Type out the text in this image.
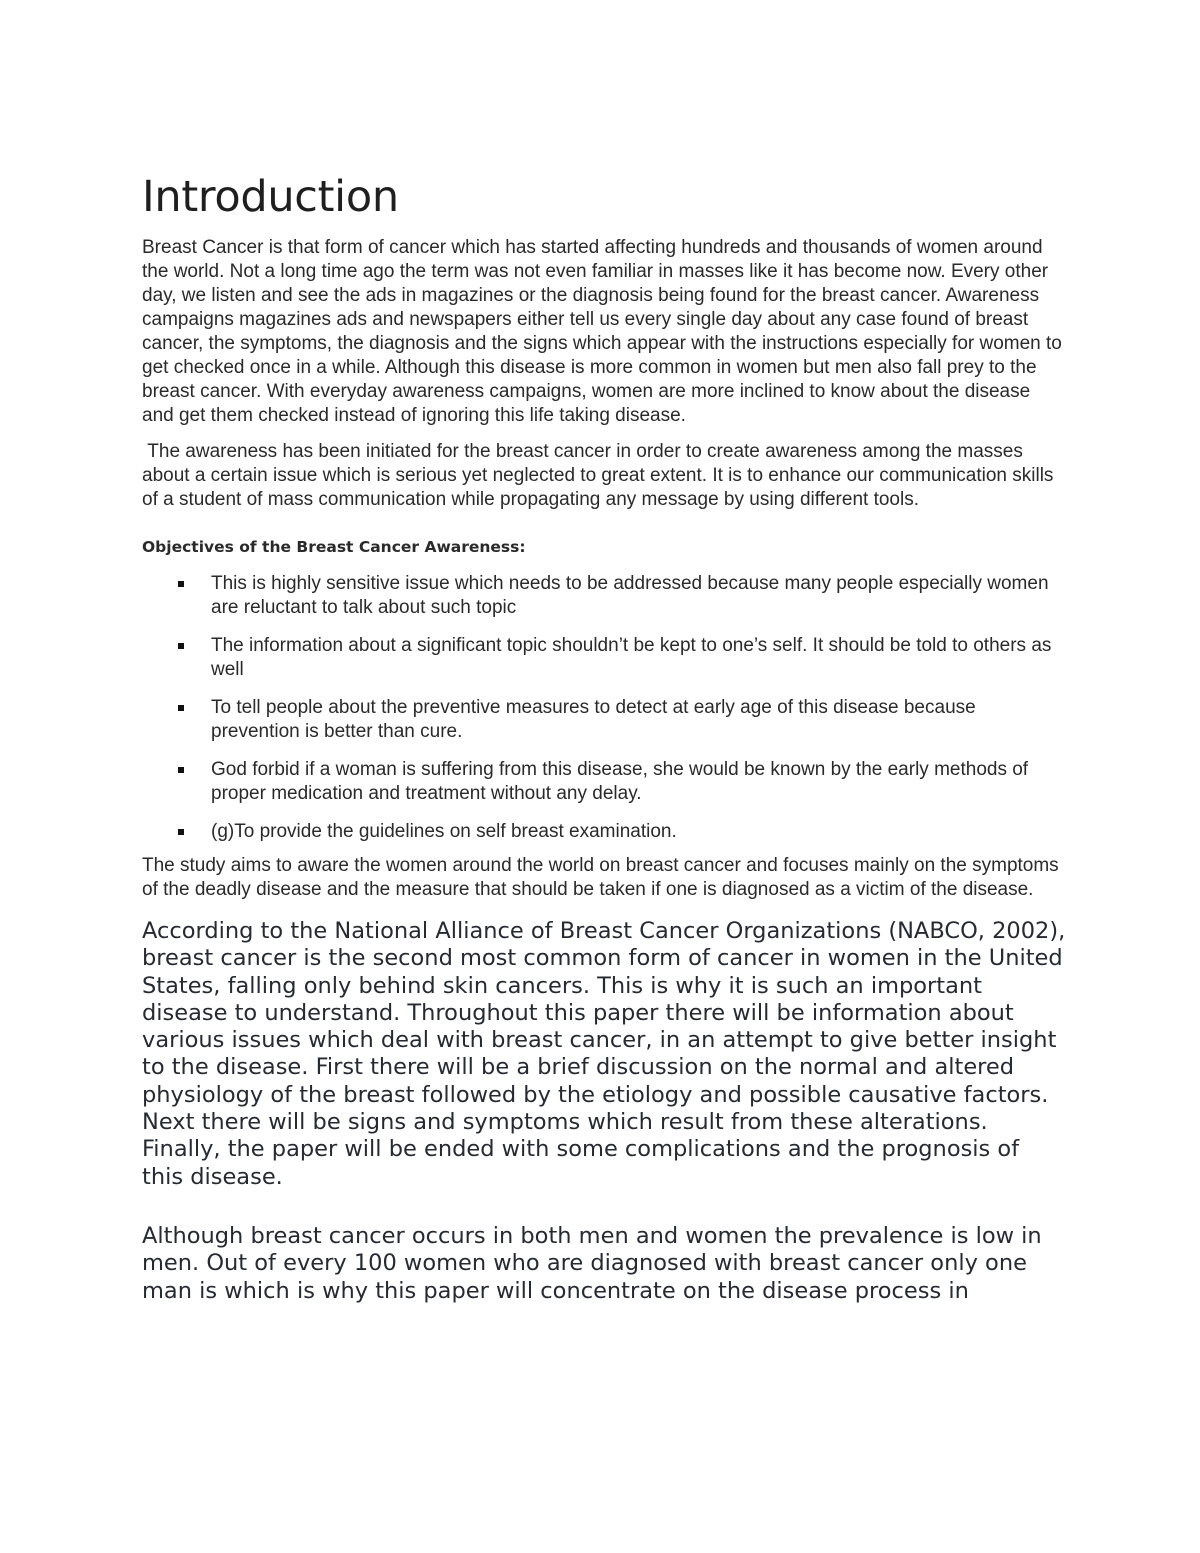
Introduction

Breast Cancer is that form of cancer which has started affecting hundreds and thousands of women around the world. Not a long time ago the term was not even familiar in masses like it has become now. Every other day, we listen and see the ads in magazines or the diagnosis being found for the breast cancer. Awareness campaigns magazines ads and newspapers either tell us every single day about any case found of breast cancer, the symptoms, the diagnosis and the signs which appear with the instructions especially for women to get checked once in a while. Although this disease is more common in women but men also fall prey to the breast cancer. With everyday awareness campaigns, women are more inclined to know about the disease and get them checked instead of ignoring this life taking disease.

The awareness has been initiated for the breast cancer in order to create awareness among the masses about a certain issue which is serious yet neglected to great extent. It is to enhance our communication skills of a student of mass communication while propagating any message by using different tools.

Objectives of the Breast Cancer Awareness:
This is highly sensitive issue which needs to be addressed because many people especially women are reluctant to talk about such topic
The information about a significant topic shouldn’t be kept to one’s self. It should be told to others as well
To tell people about the preventive measures to detect at early age of this disease because prevention is better than cure.
God forbid if a woman is suffering from this disease, she would be known by the early methods of proper medication and treatment without any delay.
(g)To provide the guidelines on self breast examination.

The study aims to aware the women around the world on breast cancer and focuses mainly on the symptoms of the deadly disease and the measure that should be taken if one is diagnosed as a victim of the disease.

According to the National Alliance of Breast Cancer Organizations (NABCO, 2002), breast cancer is the second most common form of cancer in women in the United States, falling only behind skin cancers. This is why it is such an important disease to understand. Throughout this paper there will be information about various issues which deal with breast cancer, in an attempt to give better insight to the disease. First there will be a brief discussion on the normal and altered physiology of the breast followed by the etiology and possible causative factors. Next there will be signs and symptoms which result from these alterations. Finally, the paper will be ended with some complications and the prognosis of this disease.

Although breast cancer occurs in both men and women the prevalence is low in men. Out of every 100 women who are diagnosed with breast cancer only one man is which is why this paper will concentrate on the disease process in
